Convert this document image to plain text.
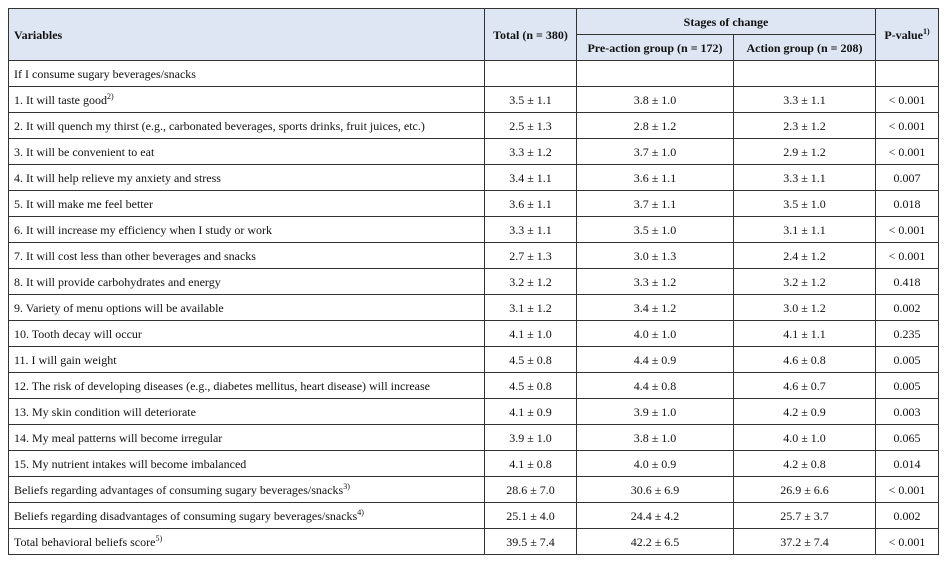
Variables	Total (n = 380)	Stages of change		P-value$^{1)}$
		Pre-action group (n = 172)	Action group (n = 208)	
If I consume sugary beverages/snacks				
1. It will taste good$^{2)}$	3.5 ± 1.1	3.8 ± 1.0	3.3 ± 1.1	< 0.001
2. It will quench my thirst (e.g., carbonated beverages, sports drinks, fruit juices, etc.)	2.5 ± 1.3	2.8 ± 1.2	2.3 ± 1.2	< 0.001
3. It will be convenient to eat	3.3 ± 1.2	3.7 ± 1.0	2.9 ± 1.2	< 0.001
4. It will help relieve my anxiety and stress	3.4 ± 1.1	3.6 ± 1.1	3.3 ± 1.1	0.007
5. It will make me feel better	3.6 ± 1.1	3.7 ± 1.1	3.5 ± 1.0	0.018
6. It will increase my efficiency when I study or work	3.3 ± 1.1	3.5 ± 1.0	3.1 ± 1.1	< 0.001
7. It will cost less than other beverages and snacks	2.7 ± 1.3	3.0 ± 1.3	2.4 ± 1.2	< 0.001
8. It will provide carbohydrates and energy	3.2 ± 1.2	3.3 ± 1.2	3.2 ± 1.2	0.418
9. Variety of menu options will be available	3.1 ± 1.2	3.4 ± 1.2	3.0 ± 1.2	0.002
10. Tooth decay will occur	4.1 ± 1.0	4.0 ± 1.0	4.1 ± 1.1	0.235
11. I will gain weight	4.5 ± 0.8	4.4 ± 0.9	4.6 ± 0.8	0.005
12. The risk of developing diseases (e.g., diabetes mellitus, heart disease) will increase	4.5 ± 0.8	4.4 ± 0.8	4.6 ± 0.7	0.005
13. My skin condition will deteriorate	4.1 ± 0.9	3.9 ± 1.0	4.2 ± 0.9	0.003
14. My meal patterns will become irregular	3.9 ± 1.0	3.8 ± 1.0	4.0 ± 1.0	0.065
15. My nutrient intakes will become imbalanced	4.1 ± 0.8	4.0 ± 0.9	4.2 ± 0.8	0.014
Beliefs regarding advantages of consuming sugary beverages/snacks$^{3)}$	28.6 ± 7.0	30.6 ± 6.9	26.9 ± 6.6	< 0.001
Beliefs regarding disadvantages of consuming sugary beverages/snacks$^{4)}$	25.1 ± 4.0	24.4 ± 4.2	25.7 ± 3.7	0.002
Total behavioral beliefs score$^{5)}$	39.5 ± 7.4	42.2 ± 6.5	37.2 ± 7.4	< 0.001
